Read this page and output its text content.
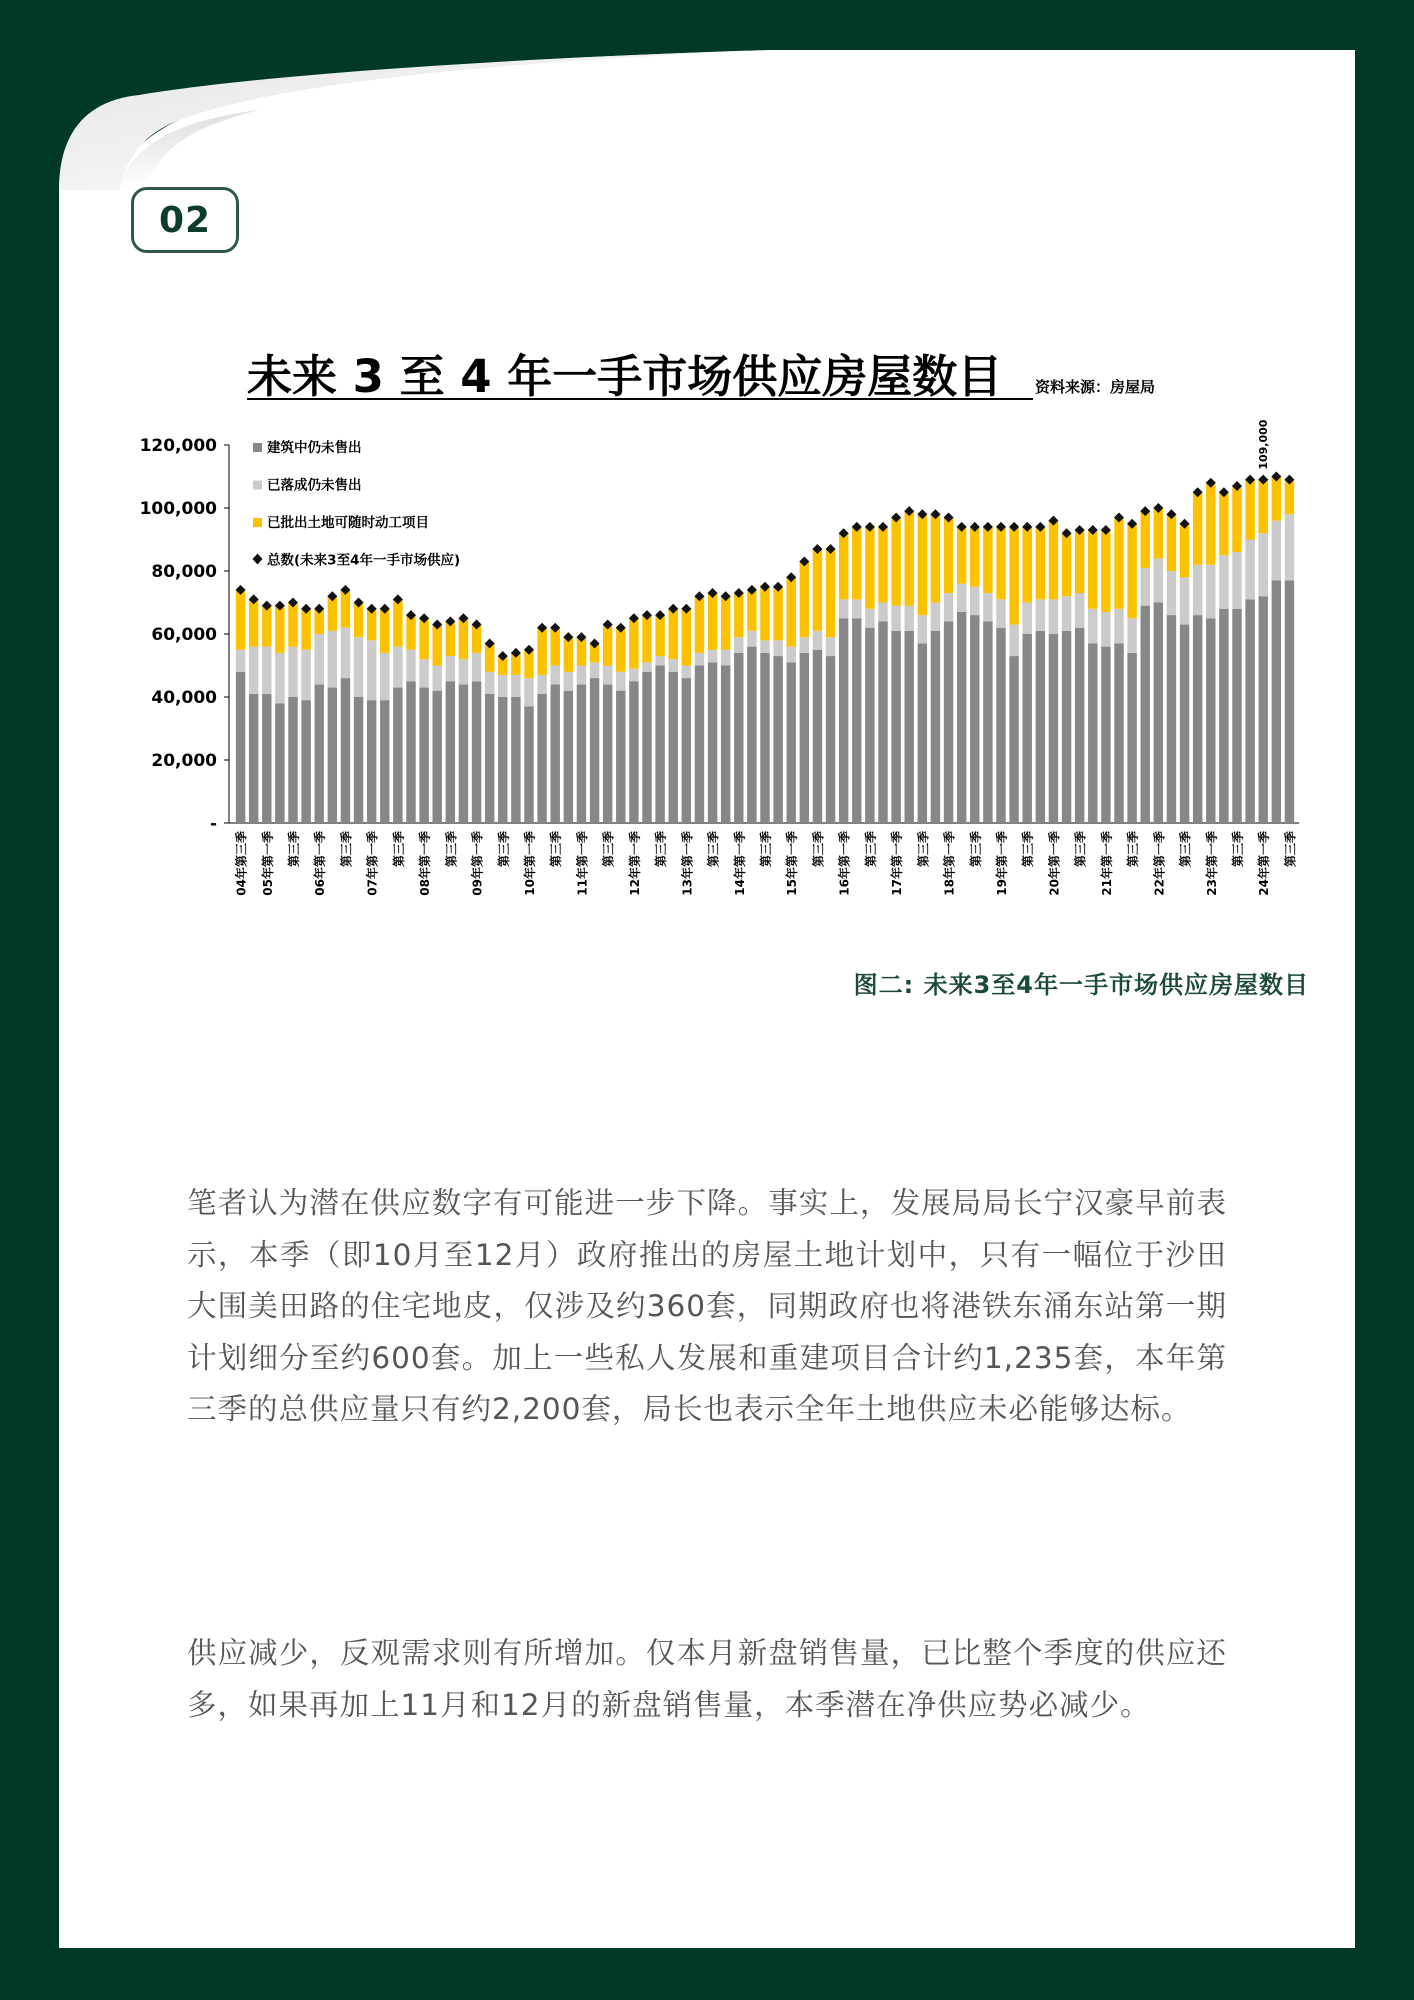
02
未来 3 至 4 年一手市场供应房屋数目 资料来源：房屋局
120,000
100,000
80,000
60,000
40,000
20,000
-
04年第三季 05年第一季 第三季 06年第一季 第三季 07年第一季 第三季 08年第一季 第三季 09年第一季 第三季 10年第一季 第三季 11年第一季 第三季 12年第一季 第三季 13年第一季 第三季 14年第一季 第三季 15年第一季 第三季 16年第一季 第三季 17年第一季 第三季 18年第一季 第三季 19年第一季 第三季 20年第一季 第三季 21年第一季 第三季 22年第一季 第三季 23年第一季 第三季 24年第一季 第三季
建筑中仍未售出
已落成仍未售出
已批出土地可随时动工项目
总数(未来3至4年一手市场供应)
109,000
图二: 未来3至4年一手市场供应房屋数目
笔者认为潜在供应数字有可能进一步下降。事实上，发展局局长宁汉豪早前表示，本季（即10月至12月）政府推出的房屋土地计划中，只有一幅位于沙田大围美田路的住宅地皮，仅涉及约360套，同期政府也将港铁东涌东站第一期计划细分至约600套。加上一些私人发展和重建项目合计约1,235套，本年第三季的总供应量只有约2,200套，局长也表示全年土地供应未必能够达标。
供应减少，反观需求则有所增加。仅本月新盘销售量，已比整个季度的供应还多，如果再加上11月和12月的新盘销售量，本季潜在净供应势必减少。
